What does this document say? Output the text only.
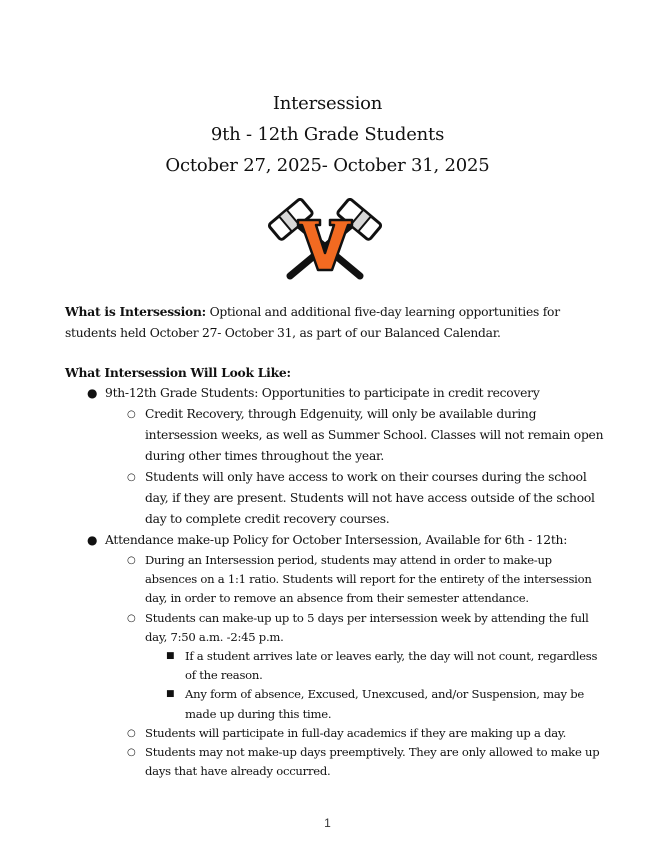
Intersession
9th - 12th Grade Students
October 27, 2025- October 31, 2025
What is Intersession: Optional and additional five-day learning opportunities for students held October 27- October 31, as part of our Balanced Calendar.
What Intersession Will Look Like:
● 9th-12th Grade Students: Opportunities to participate in credit recovery
○ Credit Recovery, through Edgenuity, will only be available during intersession weeks, as well as Summer School. Classes will not remain open during other times throughout the year.
○ Students will only have access to work on their courses during the school day, if they are present. Students will not have access outside of the school day to complete credit recovery courses.
● Attendance make-up Policy for October Intersession, Available for 6th - 12th:
○ During an Intersession period, students may attend in order to make-up absences on a 1:1 ratio. Students will report for the entirety of the intersession day, in order to remove an absence from their semester attendance.
○ Students can make-up up to 5 days per intersession week by attending the full day, 7:50 a.m. -2:45 p.m.
■ If a student arrives late or leaves early, the day will not count, regardless of the reason.
■ Any form of absence, Excused, Unexcused, and/or Suspension, may be made up during this time.
○ Students will participate in full-day academics if they are making up a day.
○ Students may not make-up days preemptively. They are only allowed to make up days that have already occurred.
1
